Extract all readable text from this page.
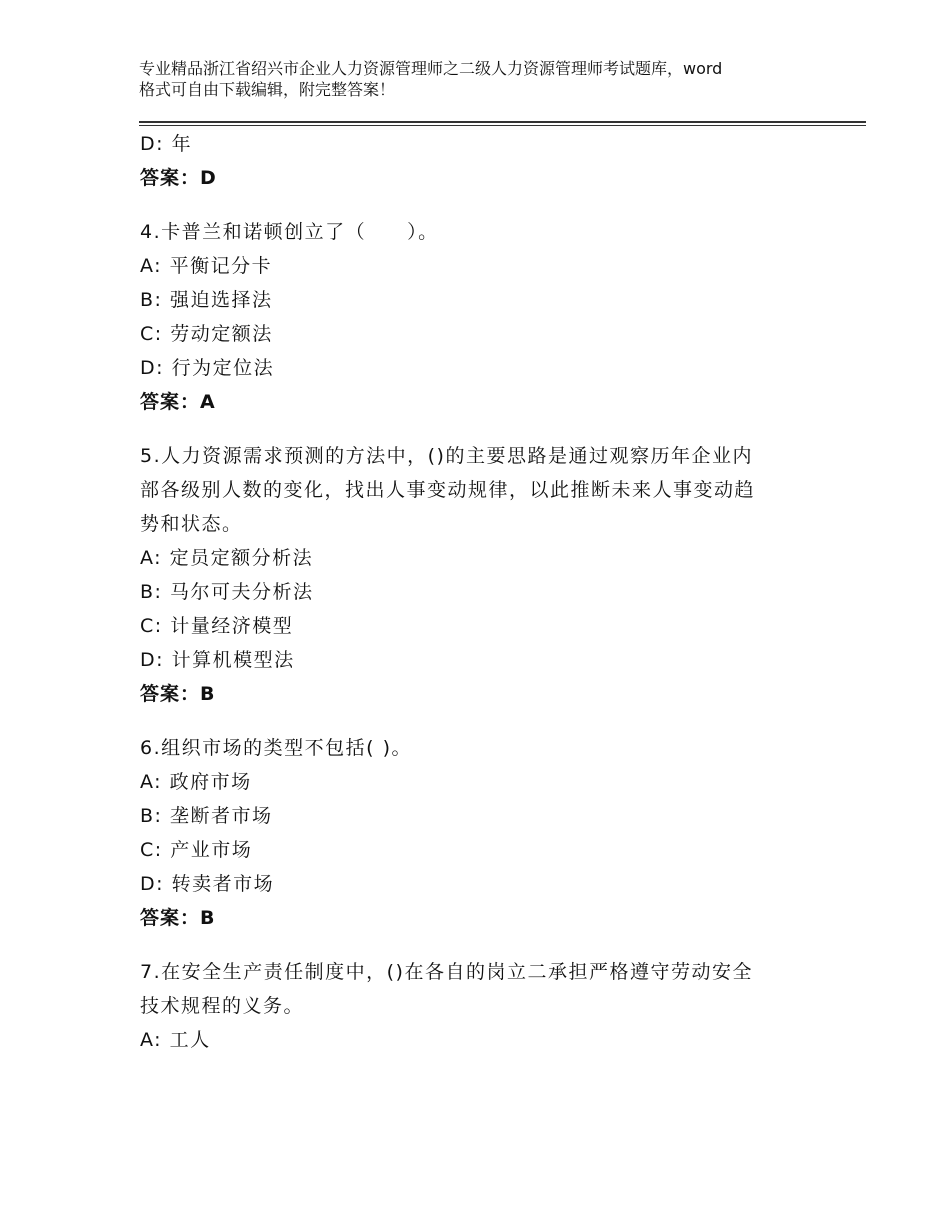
专业精品浙江省绍兴市企业人力资源管理师之二级人力资源管理师考试题库，word
格式可自由下载编辑，附完整答案！
D: 年
答案：D
4.卡普兰和诺顿创立了（　　）。
A: 平衡记分卡
B: 强迫选择法
C: 劳动定额法
D: 行为定位法
答案：A
5.人力资源需求预测的方法中，()的主要思路是通过观察历年企业内
部各级别人数的变化，找出人事变动规律，以此推断未来人事变动趋
势和状态。
A: 定员定额分析法
B: 马尔可夫分析法
C: 计量经济模型
D: 计算机模型法
答案：B
6.组织市场的类型不包括( )。
A: 政府市场
B: 垄断者市场
C: 产业市场
D: 转卖者市场
答案：B
7.在安全生产责任制度中，()在各自的岗立二承担严格遵守劳动安全
技术规程的义务。
A: 工人
